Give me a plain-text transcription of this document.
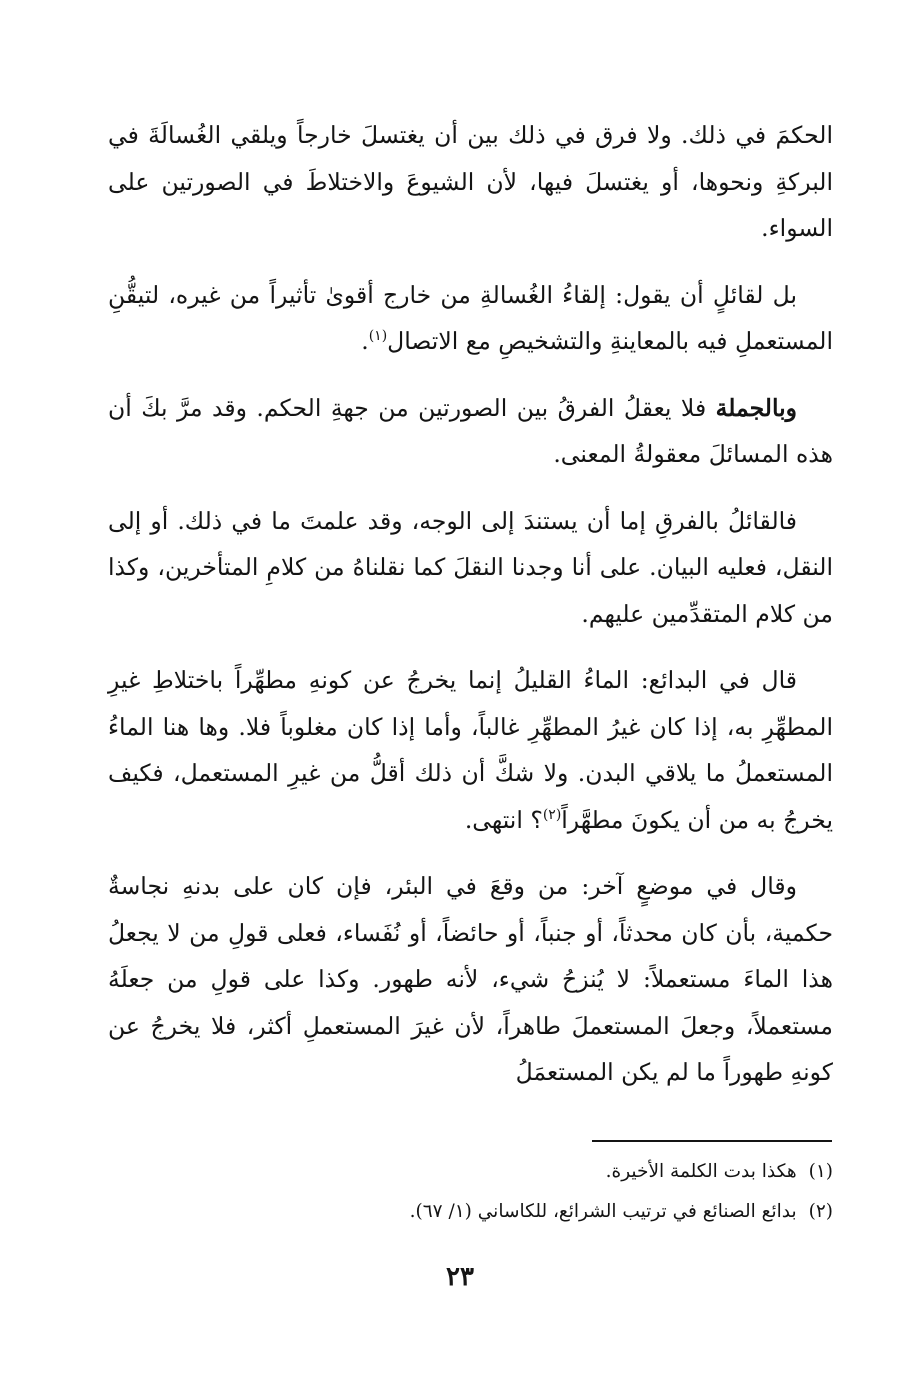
الحكمَ في ذلك. ولا فرق في ذلك بين أن يغتسلَ خارجاً ويلقي الغُسالَةَ في البركةِ ونحوها، أو يغتسلَ فيها، لأن الشيوعَ والاختلاطَ في الصورتين على السواء.

بل لقائلٍ أن يقول: إلقاءُ الغُسالةِ من خارج أقوىٰ تأثيراً من غيره، لتيقُّنِ المستعملِ فيه بالمعاينةِ والتشخيصِ مع الاتصال$^{(١)}$.

وبالجملة فلا يعقلُ الفرقُ بين الصورتين من جهةِ الحكم. وقد مرَّ بكَ أن هذه المسائلَ معقولةُ المعنى.

فالقائلُ بالفرقِ إما أن يستندَ إلى الوجه، وقد علمتَ ما في ذلك. أو إلى النقل، فعليه البيان. على أنا وجدنا النقلَ كما نقلناهُ من كلامِ المتأخرين، وكذا من كلام المتقدِّمين عليهم.

قال في البدائع: الماءُ القليلُ إنما يخرجُ عن كونهِ مطهِّراً باختلاطِ غيرِ المطهِّرِ به، إذا كان غيرُ المطهِّرِ غالباً، وأما إذا كان مغلوباً فلا. وها هنا الماءُ المستعملُ ما يلاقي البدن. ولا شكَّ أن ذلك أقلُّ من غيرِ المستعمل، فكيف يخرجُ به من أن يكونَ مطهَّراً$^{(٢)}$؟ انتهى.

وقال في موضعٍ آخر: من وقعَ في البئر، فإن كان على بدنهِ نجاسةٌ حكمية، بأن كان محدثاً، أو جنباً، أو حائضاً، أو نُفَساء، فعلى قولِ من لا يجعلُ هذا الماءَ مستعملاً: لا يُنزحُ شيء، لأنه طهور. وكذا على قولِ من جعلَهُ مستعملاً، وجعلَ المستعملَ طاهراً، لأن غيرَ المستعملِ أكثر، فلا يخرجُ عن كونهِ طهوراً ما لم يكن المستعمَلُ

(١)هكذا بدت الكلمة الأخيرة.

(٢)بدائع الصنائع في ترتيب الشرائع، للكاساني (١/ ٦٧).

٢٣
